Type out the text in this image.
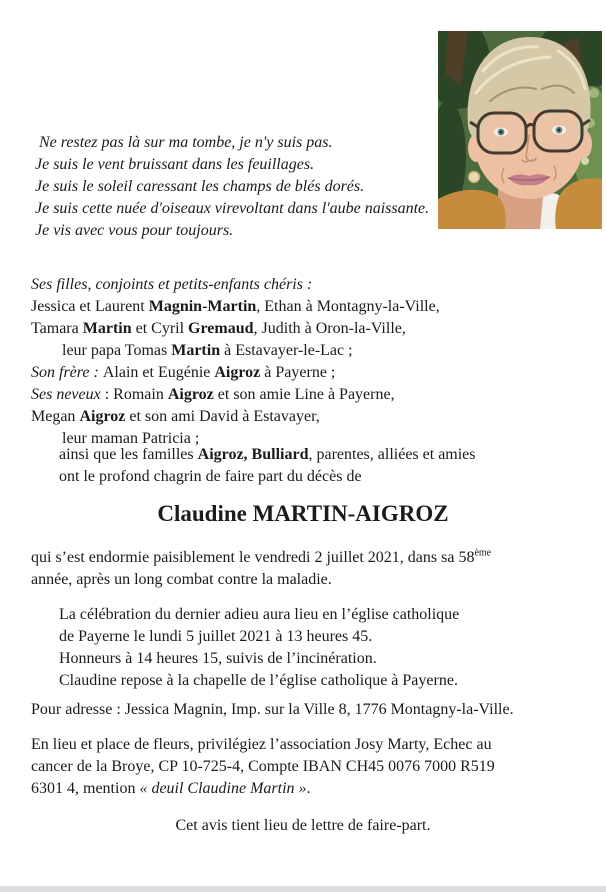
Ne restez pas là sur ma tombe, je n'y suis pas.
Je suis le vent bruissant dans les feuillages.
Je suis le soleil caressant les champs de blés dorés.
Je suis cette nuée d'oiseaux virevoltant dans l'aube naissante.
Je vis avec vous pour toujours.
Ses filles, conjoints et petits-enfants chéris :
Jessica et Laurent Magnin-Martin, Ethan à Montagny-la-Ville,
Tamara Martin et Cyril Gremaud, Judith à Oron-la-Ville,
leur papa Tomas Martin à Estavayer-le-Lac ;
Son frère : Alain et Eugénie Aigroz à Payerne ;
Ses neveux : Romain Aigroz et son amie Line à Payerne,
Megan Aigroz et son ami David à Estavayer,
leur maman Patricia ;
ainsi que les familles Aigroz, Bulliard, parentes, alliées et amies
ont le profond chagrin de faire part du décès de
Claudine MARTIN-AIGROZ
qui s’est endormie paisiblement le vendredi 2 juillet 2021, dans sa 58ème
année, après un long combat contre la maladie.
La célébration du dernier adieu aura lieu en l’église catholique
de Payerne le lundi 5 juillet 2021 à 13 heures 45.
Honneurs à 14 heures 15, suivis de l’incinération.
Claudine repose à la chapelle de l’église catholique à Payerne.
Pour adresse : Jessica Magnin, Imp. sur la Ville 8, 1776 Montagny-la-Ville.
En lieu et place de fleurs, privilégiez l’association Josy Marty, Echec au
cancer de la Broye, CP 10-725-4, Compte IBAN CH45 0076 7000 R519
6301 4, mention « deuil Claudine Martin ».
Cet avis tient lieu de lettre de faire-part.
